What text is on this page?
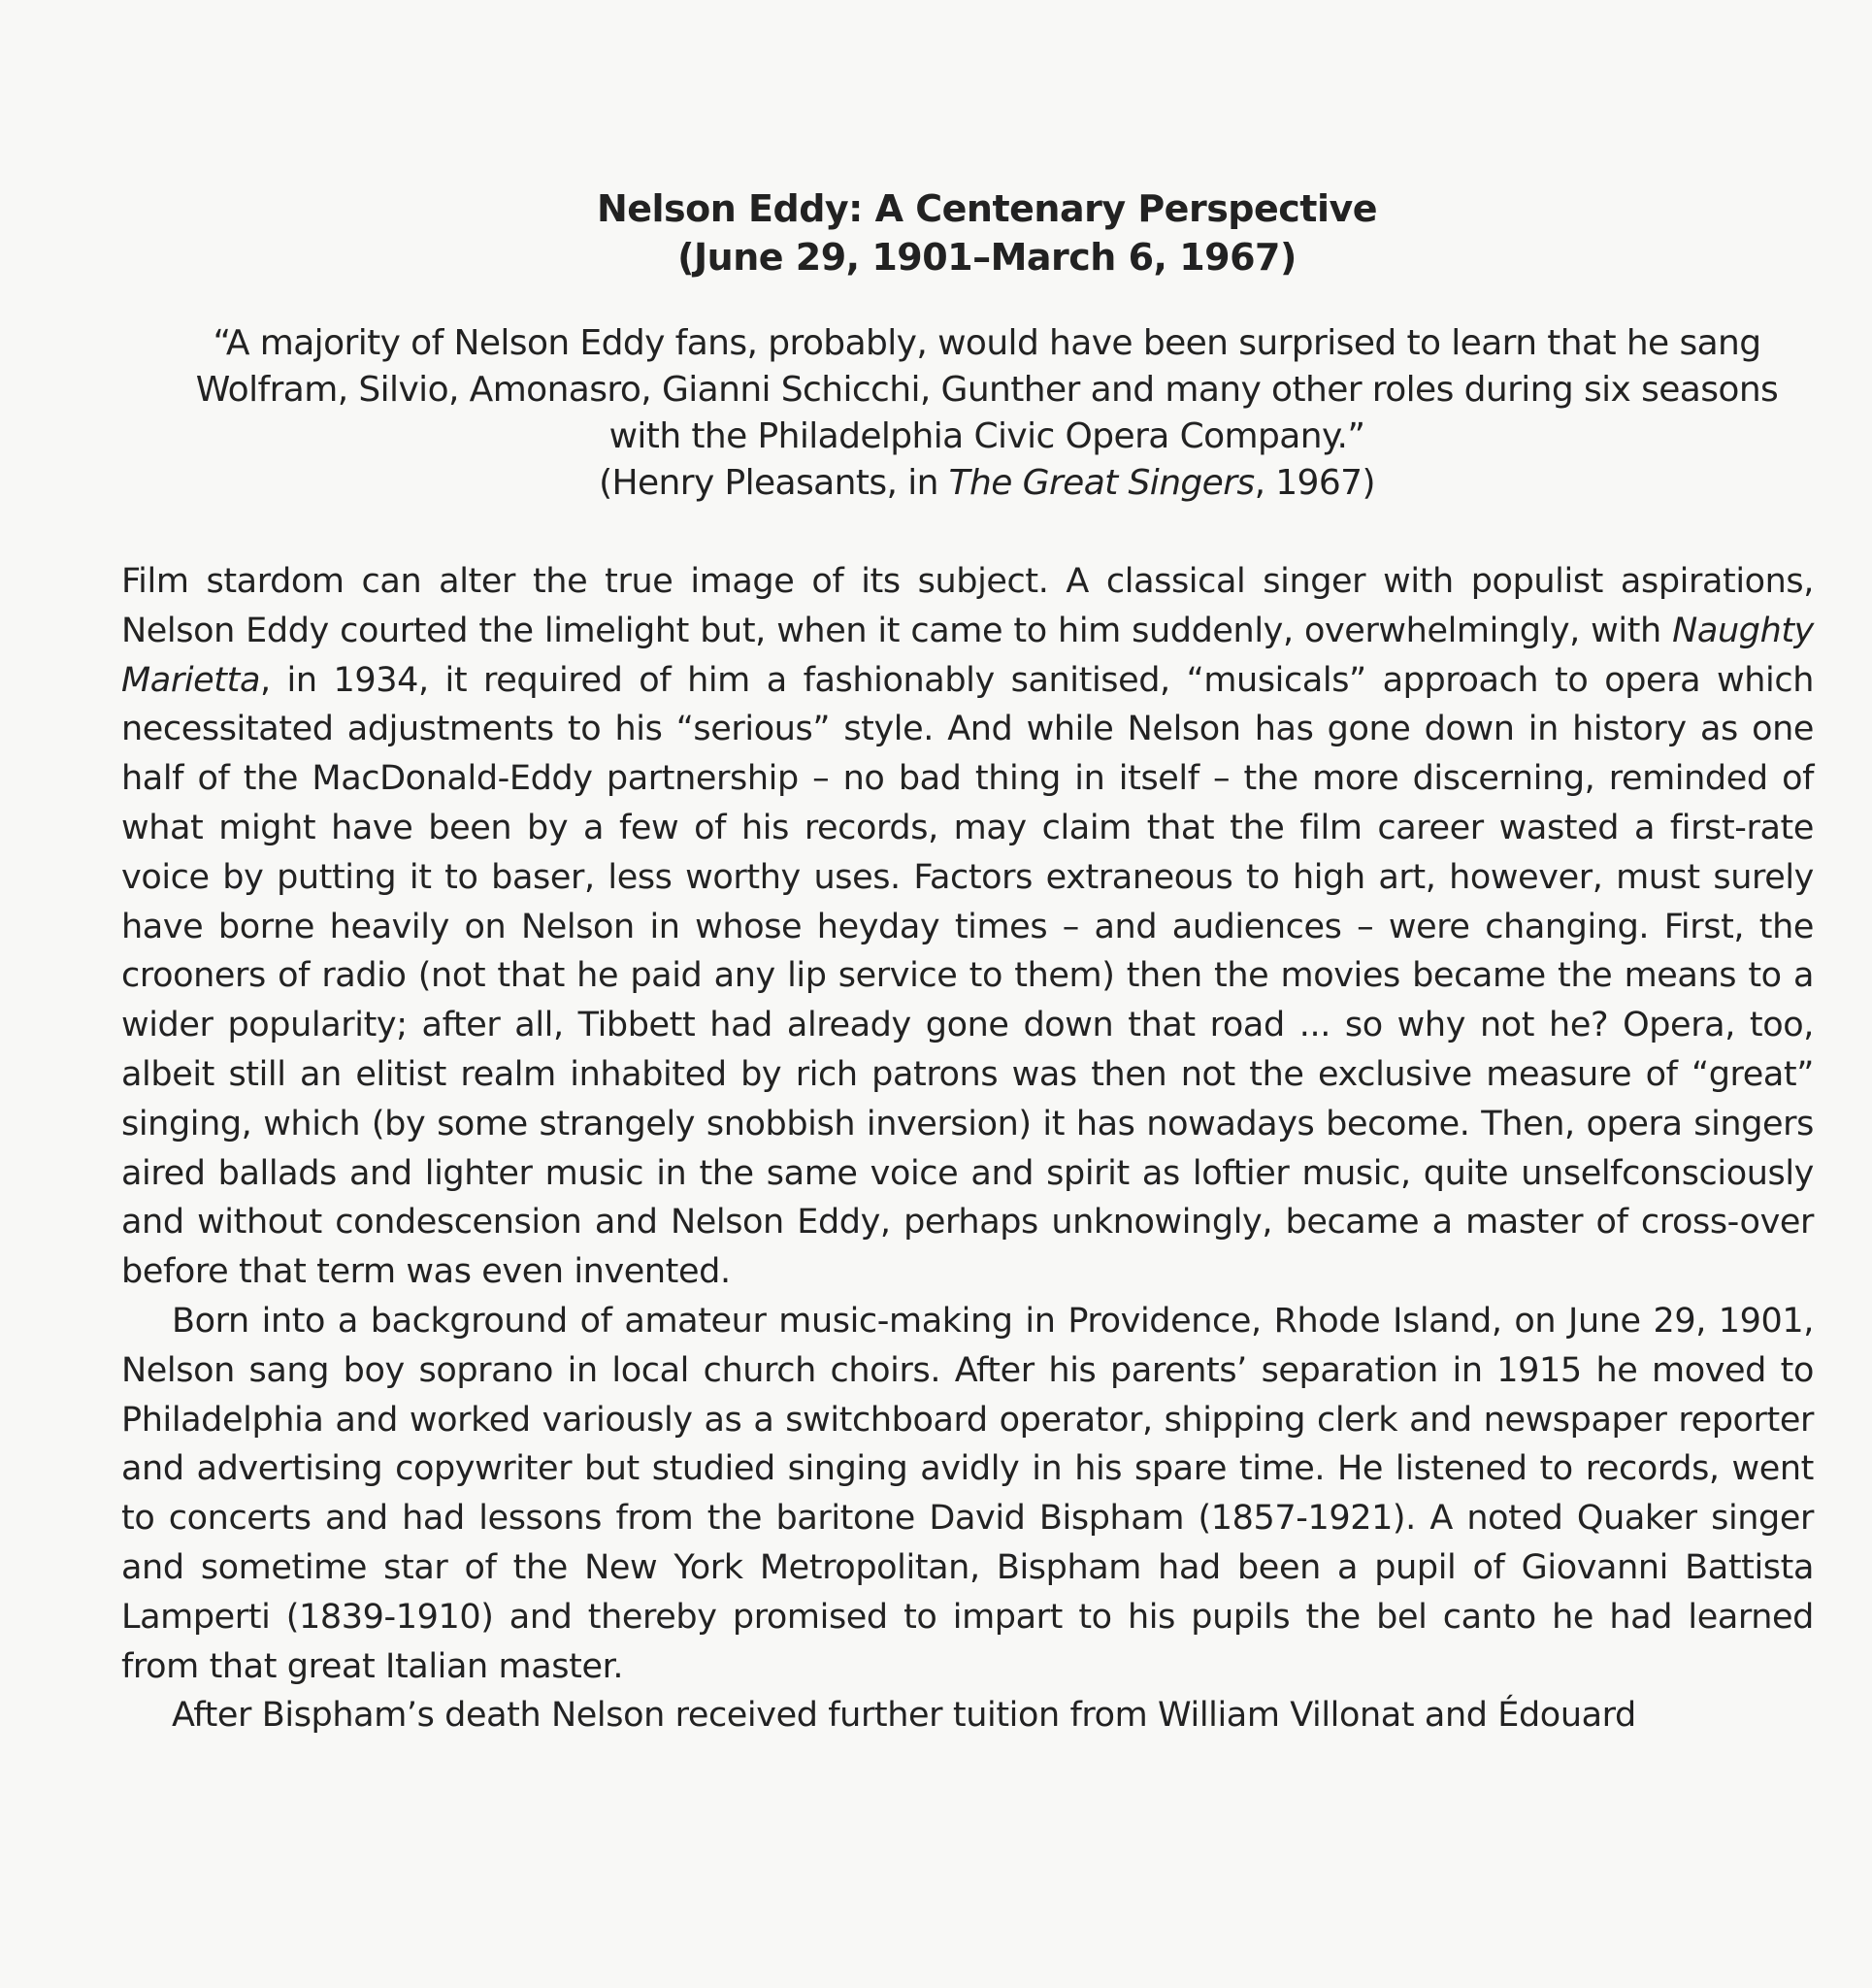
Nelson Eddy: A Centenary Perspective
(June 29, 1901–March 6, 1967)
“A majority of Nelson Eddy fans, probably, would have been surprised to learn that he sang Wolfram, Silvio, Amonasro, Gianni Schicchi, Gunther and many other roles during six seasons with the Philadelphia Civic Opera Company.”
(Henry Pleasants, in The Great Singers, 1967)

Film stardom can alter the true image of its subject. A classical singer with populist aspirations, Nelson Eddy courted the limelight but, when it came to him suddenly, overwhelmingly, with Naughty Marietta, in 1934, it required of him a fashionably sanitised, “musicals” approach to opera which necessitated adjustments to his “serious” style. And while Nelson has gone down in history as one half of the MacDonald-Eddy partnership – no bad thing in itself – the more discerning, reminded of what might have been by a few of his records, may claim that the film career wasted a first-rate voice by putting it to baser, less worthy uses. Factors extraneous to high art, however, must surely have borne heavily on Nelson in whose heyday times – and audiences – were changing. First, the crooners of radio (not that he paid any lip service to them) then the movies became the means to a wider popularity; after all, Tibbett had already gone down that road ... so why not he? Opera, too, albeit still an elitist realm inhabited by rich patrons was then not the exclusive measure of “great” singing, which (by some strangely snobbish inversion) it has nowadays become. Then, opera singers aired ballads and lighter music in the same voice and spirit as loftier music, quite unselfconsciously and without condescension and Nelson Eddy, perhaps unknowingly, became a master of cross-over before that term was even invented.

Born into a background of amateur music-making in Providence, Rhode Island, on June 29, 1901, Nelson sang boy soprano in local church choirs. After his parents’ separation in 1915 he moved to Philadelphia and worked variously as a switchboard operator, shipping clerk and newspaper reporter and advertising copywriter but studied singing avidly in his spare time. He listened to records, went to concerts and had lessons from the baritone David Bispham (1857-1921). A noted Quaker singer and sometime star of the New York Metropolitan, Bispham had been a pupil of Giovanni Battista Lamperti (1839-1910) and thereby promised to impart to his pupils the bel canto he had learned from that great Italian master.

After Bispham’s death Nelson received further tuition from William Villonat and Édouard
